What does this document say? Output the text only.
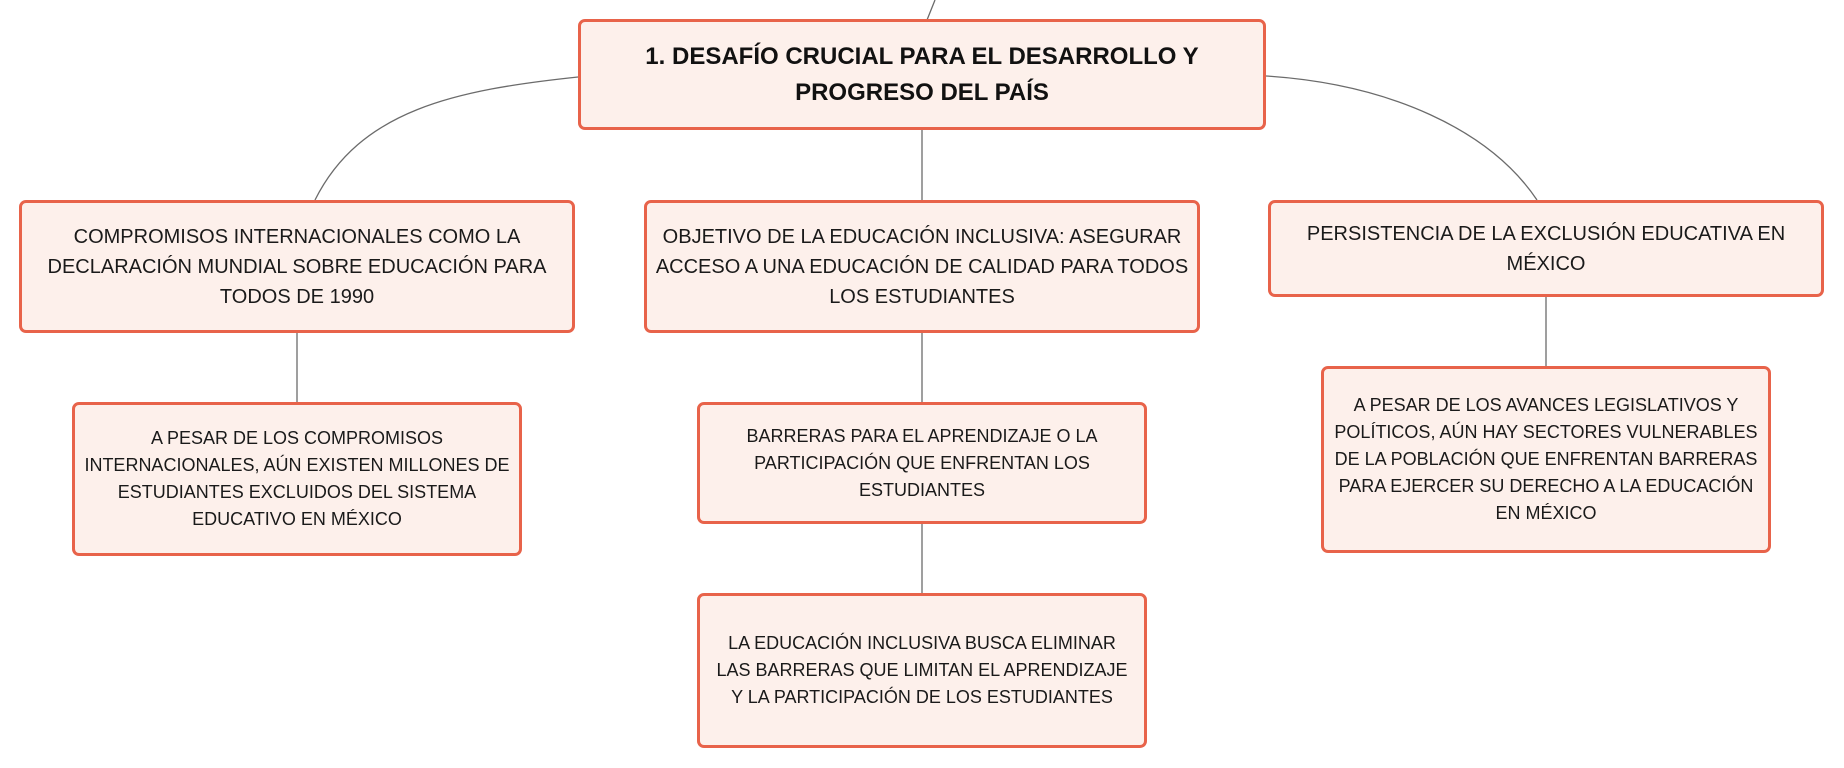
1. DESAFÍO CRUCIAL PARA EL DESARROLLO Y PROGRESO DEL PAÍS
COMPROMISOS INTERNACIONALES COMO LA DECLARACIÓN MUNDIAL SOBRE EDUCACIÓN PARA TODOS DE 1990
OBJETIVO DE LA EDUCACIÓN INCLUSIVA: ASEGURAR ACCESO A UNA EDUCACIÓN DE CALIDAD PARA TODOS LOS ESTUDIANTES
PERSISTENCIA DE LA EXCLUSIÓN EDUCATIVA EN MÉXICO
A PESAR DE LOS COMPROMISOS INTERNACIONALES, AÚN EXISTEN MILLONES DE ESTUDIANTES EXCLUIDOS DEL SISTEMA EDUCATIVO EN MÉXICO
BARRERAS PARA EL APRENDIZAJE O LA PARTICIPACIÓN QUE ENFRENTAN LOS ESTUDIANTES
LA EDUCACIÓN INCLUSIVA BUSCA ELIMINAR LAS BARRERAS QUE LIMITAN EL APRENDIZAJE Y LA PARTICIPACIÓN DE LOS ESTUDIANTES
A PESAR DE LOS AVANCES LEGISLATIVOS Y POLÍTICOS, AÚN HAY SECTORES VULNERABLES DE LA POBLACIÓN QUE ENFRENTAN BARRERAS PARA EJERCER SU DERECHO A LA EDUCACIÓN EN MÉXICO
